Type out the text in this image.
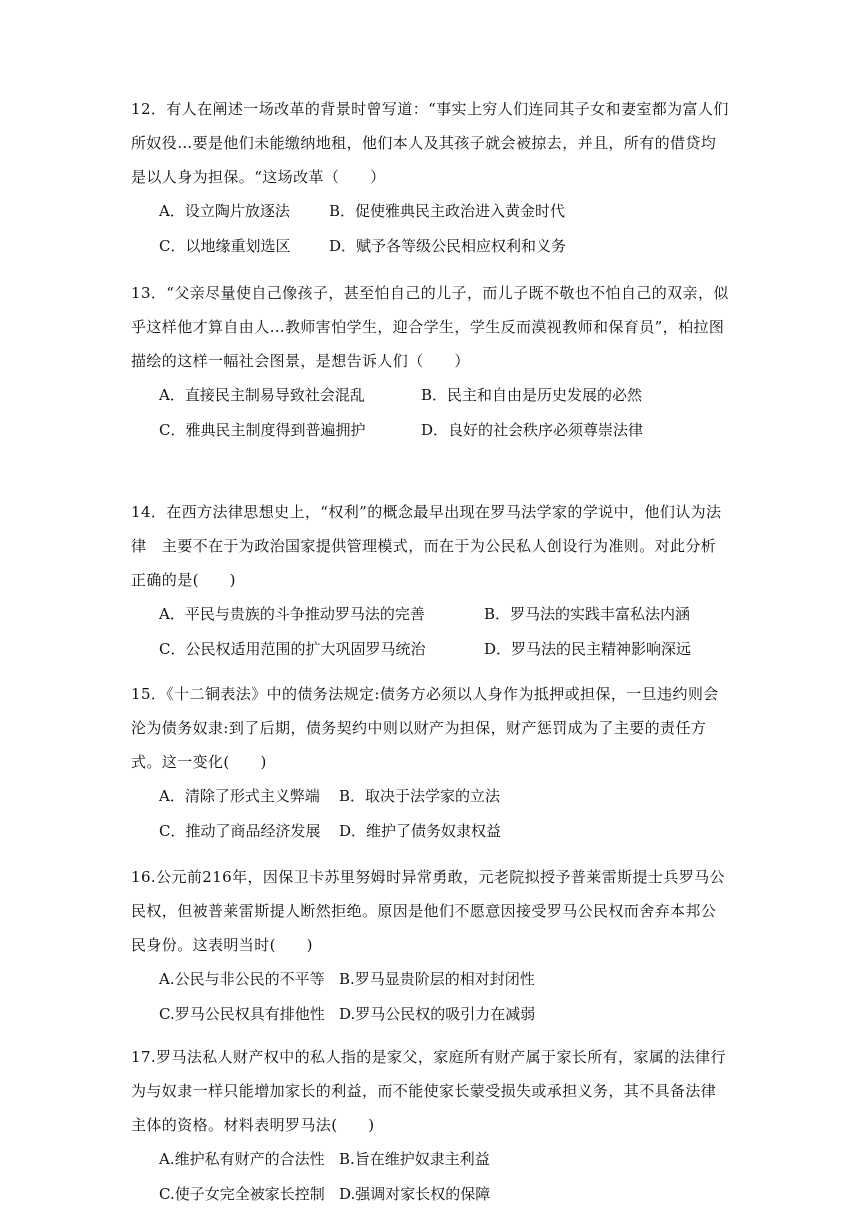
12．有人在阐述一场改革的背景时曾写道：“事实上穷人们连同其子女和妻室都为富人们所奴役…要是他们未能缴纳地租，他们本人及其孩子就会被掠去，并且，所有的借贷均是以人身为担保。“这场改革（　　）

A．设立陶片放逐法	B．促使雅典民主政治进入黄金时代
C．以地缘重划选区	D．赋予各等级公民相应权利和义务

13．“父亲尽量使自己像孩子，甚至怕自己的儿子，而儿子既不敬也不怕自己的双亲，似乎这样他才算自由人…教师害怕学生，迎合学生，学生反而漠视教师和保育员”，柏拉图描绘的这样一幅社会图景，是想告诉人们（　　）

A．直接民主制易导致社会混乱	B．民主和自由是历史发展的必然
C．雅典民主制度得到普遍拥护	D．良好的社会秩序必须尊崇法律

14．在西方法律思想史上，“权利”的概念最早出现在罗马法学家的学说中，他们认为法律　主要不在于为政治国家提供管理模式，而在于为公民私人创设行为准则。对此分析正确的是(　　)

A．平民与贵族的斗争推动罗马法的完善	B．罗马法的实践丰富私法内涵
C．公民权适用范围的扩大巩固罗马统治	D．罗马法的民主精神影响深远

15．《十二铜表法》中的债务法规定:债务方必须以人身作为抵押或担保，一旦违约则会沦为债务奴隶:到了后期，债务契约中则以财产为担保，财产惩罚成为了主要的责任方式。这一变化(　　)

A．清除了形式主义弊端	B．取决于法学家的立法
C．推动了商品经济发展	D．维护了债务奴隶权益

16.公元前216年，因保卫卡苏里努姆时异常勇敢，元老院拟授予普莱雷斯提士兵罗马公民权，但被普莱雷斯提人断然拒绝。原因是他们不愿意因接受罗马公民权而舍弃本邦公民身份。这表明当时(　　)

A.公民与非公民的不平等 B.罗马显贵阶层的相对封闭性
C.罗马公民权具有排他性 D.罗马公民权的吸引力在减弱

17.罗马法私人财产权中的私人指的是家父，家庭所有财产属于家长所有，家属的法律行为与奴隶一样只能增加家长的利益，而不能使家长蒙受损失或承担义务，其不具备法律主体的资格。材料表明罗马法(　　)

A.维护私有财产的合法性 B.旨在维护奴隶主利益
C.使子女完全被家长控制 D.强调对家长权的保障
